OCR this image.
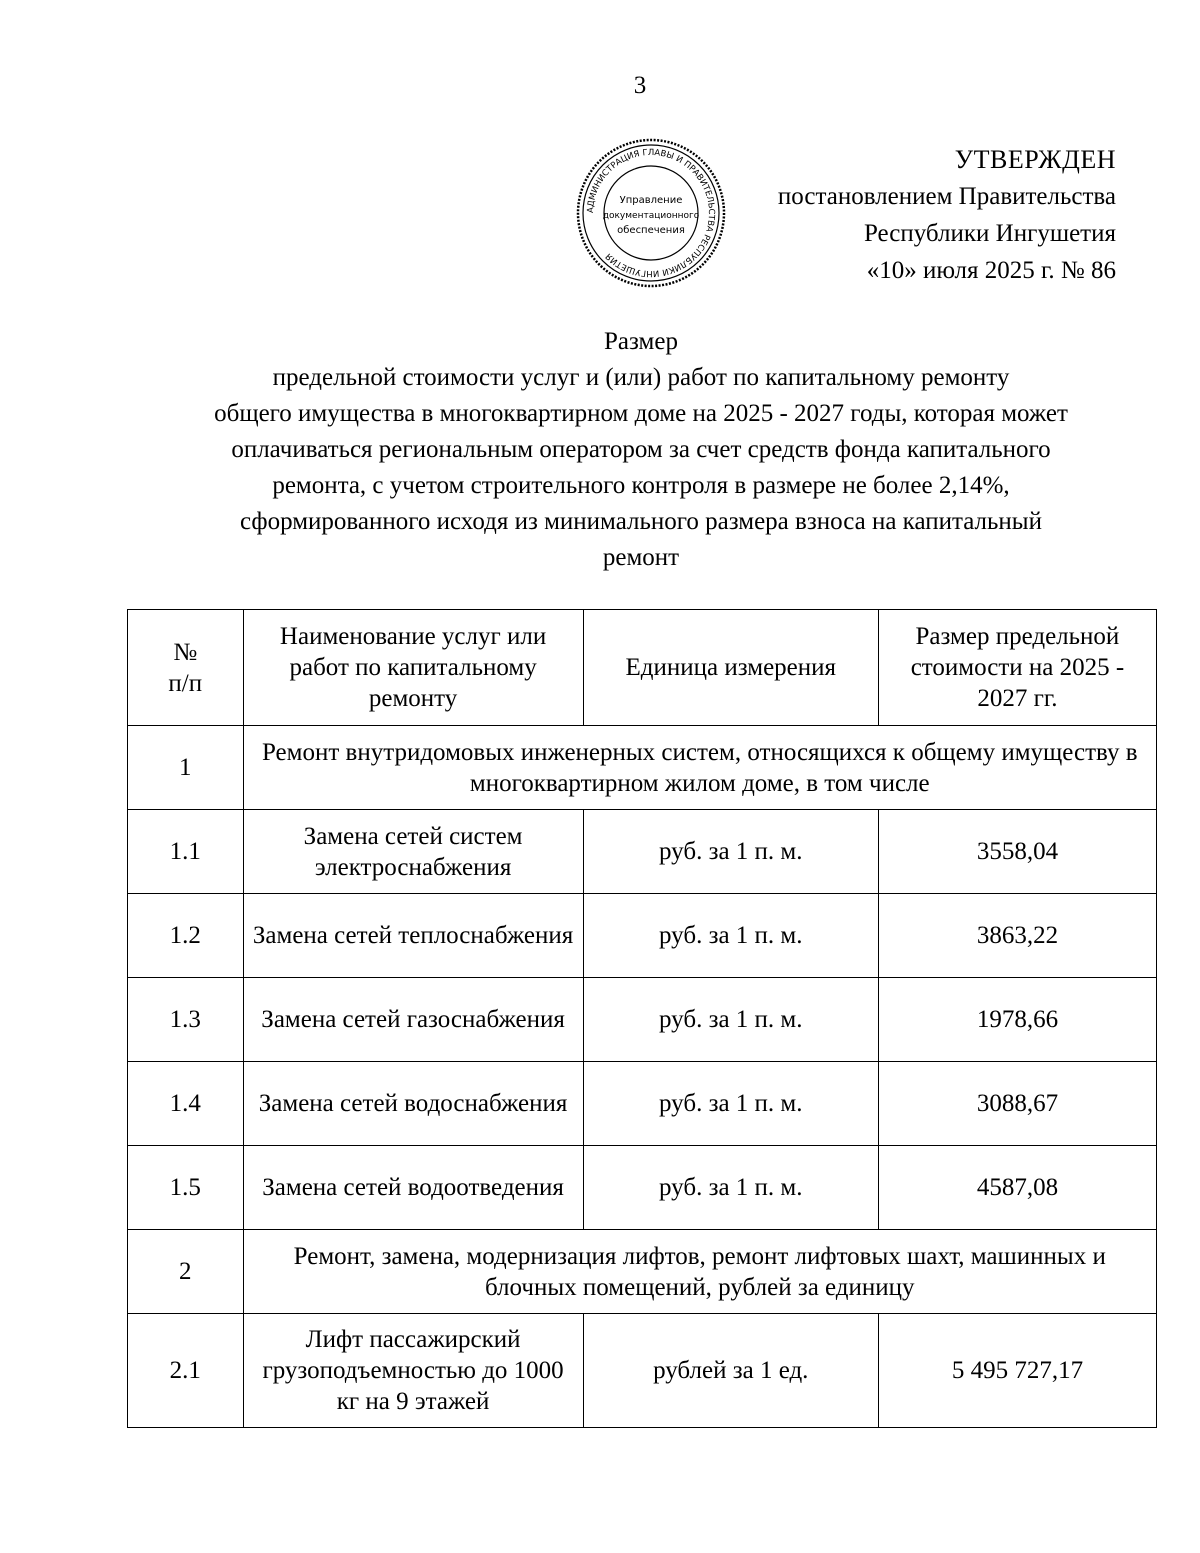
3
АДМИНИСТРАЦИЯ ГЛАВЫ И ПРАВИТЕЛЬСТВА РЕСПУБЛИКИ ИНГУШЕТИЯ
Управление
документационного
обеспечения
УТВЕРЖДЕН
постановлением Правительства
Республики Ингушетия
«10» июля 2025 г. № 86
Размер
предельной стоимости услуг и (или) работ по капитальному ремонту
общего имущества в многоквартирном доме на 2025 - 2027 годы, которая может
оплачиваться региональным оператором за счет средств фонда капитального
ремонта, с учетом строительного контроля в размере не более 2,14%,
сформированного исходя из минимального размера взноса на капитальный
ремонт
№
п/п	Наименование услуг или работ по капитальному ремонту	Единица измерения	Размер предельной стоимости на 2025 - 2027 гг.
1	Ремонт внутридомовых инженерных систем, относящихся к общему имуществу в многоквартирном жилом доме, в том числе		
1.1	Замена сетей систем электроснабжения	руб. за 1 п. м.	3558,04
1.2	Замена сетей теплоснабжения	руб. за 1 п. м.	3863,22
1.3	Замена сетей газоснабжения	руб. за 1 п. м.	1978,66
1.4	Замена сетей водоснабжения	руб. за 1 п. м.	3088,67
1.5	Замена сетей водоотведения	руб. за 1 п. м.	4587,08
2	Ремонт, замена, модернизация лифтов, ремонт лифтовых шахт, машинных и блочных помещений, рублей за единицу		
2.1	Лифт пассажирский грузоподъемностью до 1000 кг на 9 этажей	рублей за 1 ед.	5 495 727,17
